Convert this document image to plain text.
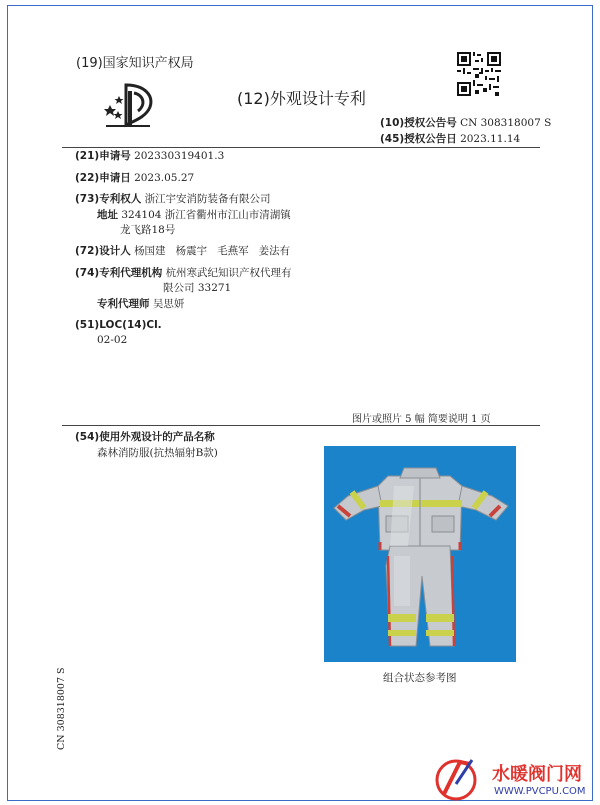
(19)国家知识产权局
(12)外观设计专利
(10)授权公告号 CN 308318007 S
(45)授权公告日 2023.11.14
(21)申请号 202330319401.3
(22)申请日 2023.05.27
(73)专利权人 浙江宇安消防装备有限公司
地址 324104 浙江省衢州市江山市清湖镇
龙飞路18号
(72)设计人 杨国建   杨震宇   毛燕军   姜法有
(74)专利代理机构 杭州寒武纪知识产权代理有
限公司 33271
专利代理师 吴思妍
(51)LOC(14)Cl.
02-02
图片或照片 5 幅 简要说明 1 页
(54)使用外观设计的产品名称
森林消防服(抗热辐射B款)
组合状态参考图
CN 308318007 S
水暖阀门网
WWW.PVCPU.COM
